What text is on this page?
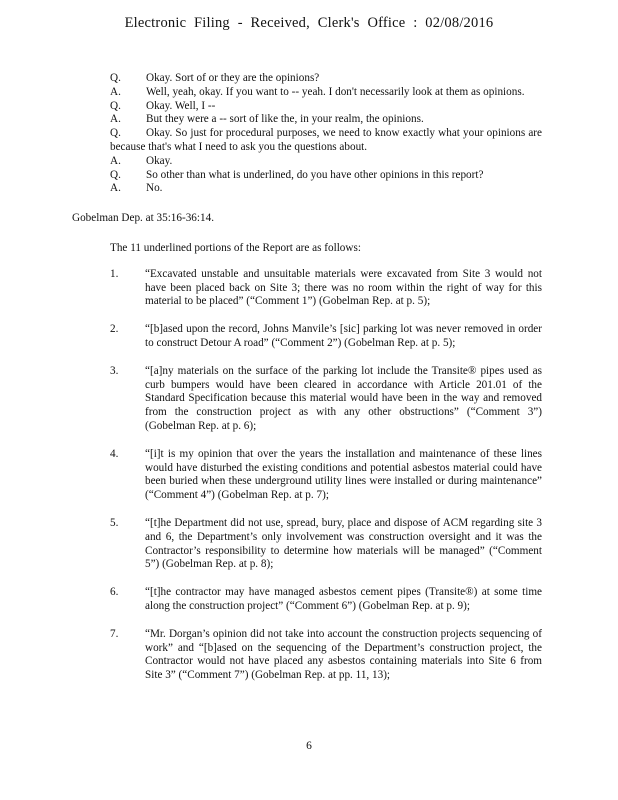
Electronic Filing - Received, Clerk's Office : 02/08/2016
Q.	Okay. Sort of or they are the opinions?
A. Well, yeah, okay. If you want to -- yeah. I don't necessarily look at them as opinions.
Q.	Okay. Well, I --
A.	But they were a -- sort of like the, in your realm, the opinions.
Q. Okay. So just for procedural purposes, we need to know exactly what your opinions are because that's what I need to ask you the questions about.
A.	Okay.
Q.	So other than what is underlined, do you have other opinions in this report?
A.	No.
Gobelman Dep. at 35:16-36:14.
The 11 underlined portions of the Report are as follows:
1. “Excavated unstable and unsuitable materials were excavated from Site 3 would not have been placed back on Site 3; there was no room within the right of way for this material to be placed” (“Comment 1”) (Gobelman Rep. at p. 5);
2. “[b]ased upon the record, Johns Manvile’s [sic] parking lot was never removed in order to construct Detour A road” (“Comment 2”) (Gobelman Rep. at p. 5);
3. “[a]ny materials on the surface of the parking lot include the Transite® pipes used as curb bumpers would have been cleared in accordance with Article 201.01 of the Standard Specification because this material would have been in the way and removed from the construction project as with any other obstructions” (“Comment 3”) (Gobelman Rep. at p. 6);
4. “[i]t is my opinion that over the years the installation and maintenance of these lines would have disturbed the existing conditions and potential asbestos material could have been buried when these underground utility lines were installed or during maintenance” (“Comment 4”) (Gobelman Rep. at p. 7);
5. “[t]he Department did not use, spread, bury, place and dispose of ACM regarding site 3 and 6, the Department’s only involvement was construction oversight and it was the Contractor’s responsibility to determine how materials will be managed” (“Comment 5”) (Gobelman Rep. at p. 8);
6. “[t]he contractor may have managed asbestos cement pipes (Transite®) at some time along the construction project” (“Comment 6”) (Gobelman Rep. at p. 9);
7. “Mr. Dorgan’s opinion did not take into account the construction projects sequencing of work” and “[b]ased on the sequencing of the Department’s construction project, the Contractor would not have placed any asbestos containing materials into Site 6 from Site 3” (“Comment 7”) (Gobelman Rep. at pp. 11, 13);
6
